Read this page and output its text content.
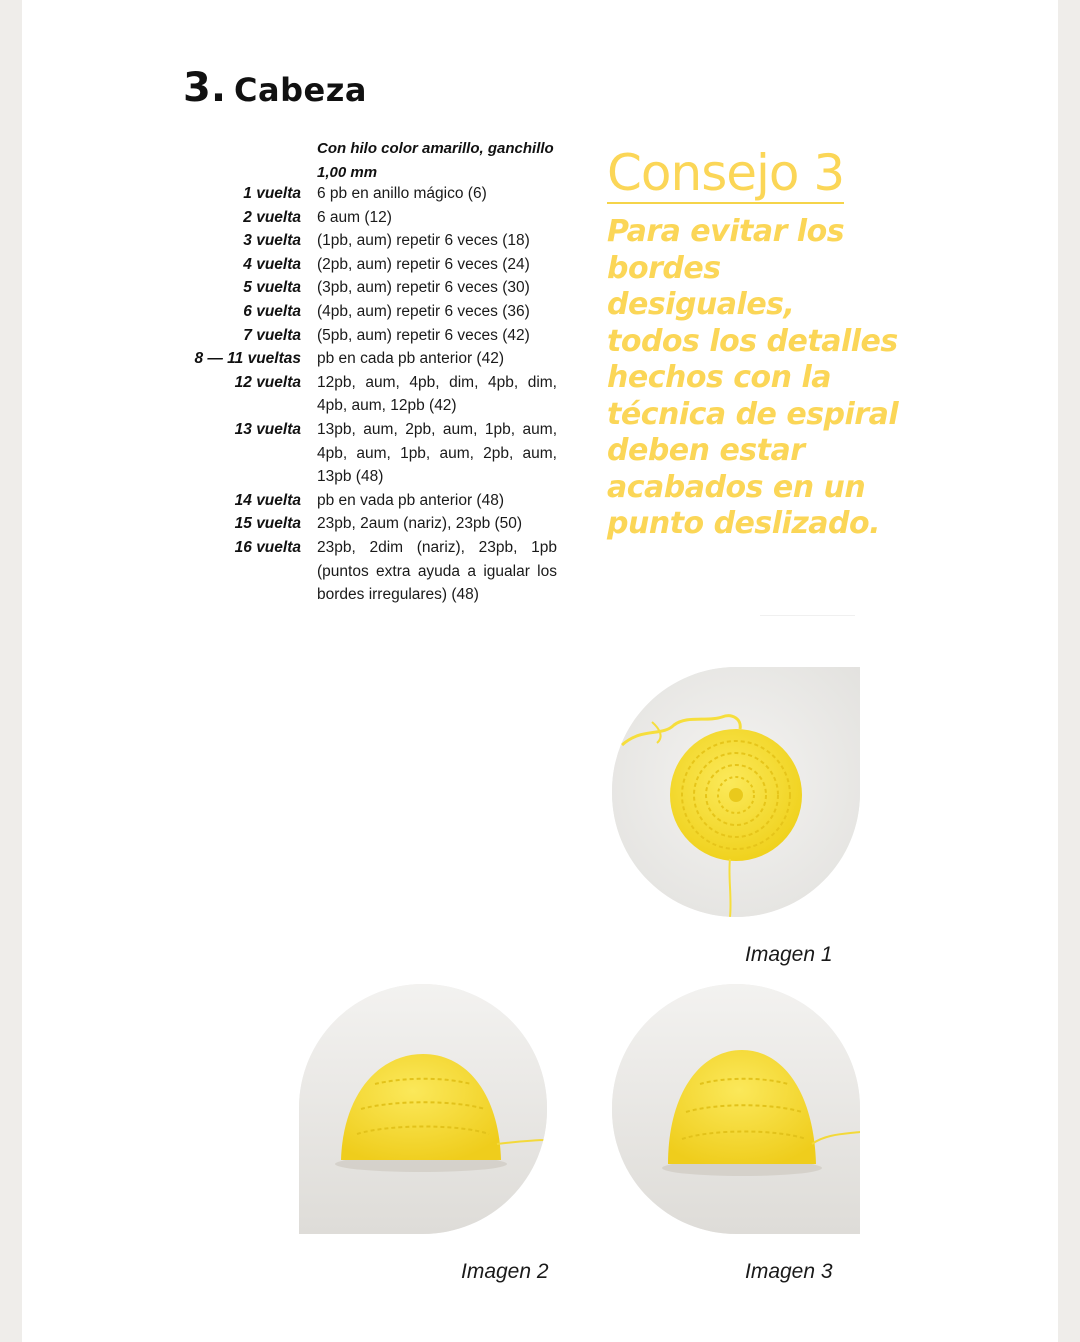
3. Cabeza
Con hilo color amarillo, ganchillo 1,00 mm
1 vuelta 6 pb en anillo mágico (6)
2 vuelta 6 aum (12)
3 vuelta (1pb, aum) repetir 6 veces (18)
4 vuelta (2pb, aum) repetir 6 veces (24)
5 vuelta (3pb, aum) repetir 6 veces (30)
6 vuelta (4pb, aum) repetir 6 veces (36)
7 vuelta (5pb, aum) repetir 6 veces (42)
8 — 11 vueltas pb en cada pb anterior (42)
12 vuelta 12pb, aum, 4pb, dim, 4pb, dim, 4pb, aum, 12pb (42)
13 vuelta 13pb, aum, 2pb, aum, 1pb, aum, 4pb, aum, 1pb, aum, 2pb, aum, 13pb (48)
14 vuelta pb en vada pb anterior (48)
15 vuelta 23pb, 2aum (nariz), 23pb (50)
16 vuelta 23pb, 2dim (nariz), 23pb, 1pb (puntos extra ayuda a igualar los bordes irregulares) (48)
Consejo 3
Para evitar los
bordes desiguales,
todos los detalles
hechos con la
técnica de espiral
deben estar
acabados en un
punto deslizado.
Imagen 1
Imagen 2	Imagen 3
